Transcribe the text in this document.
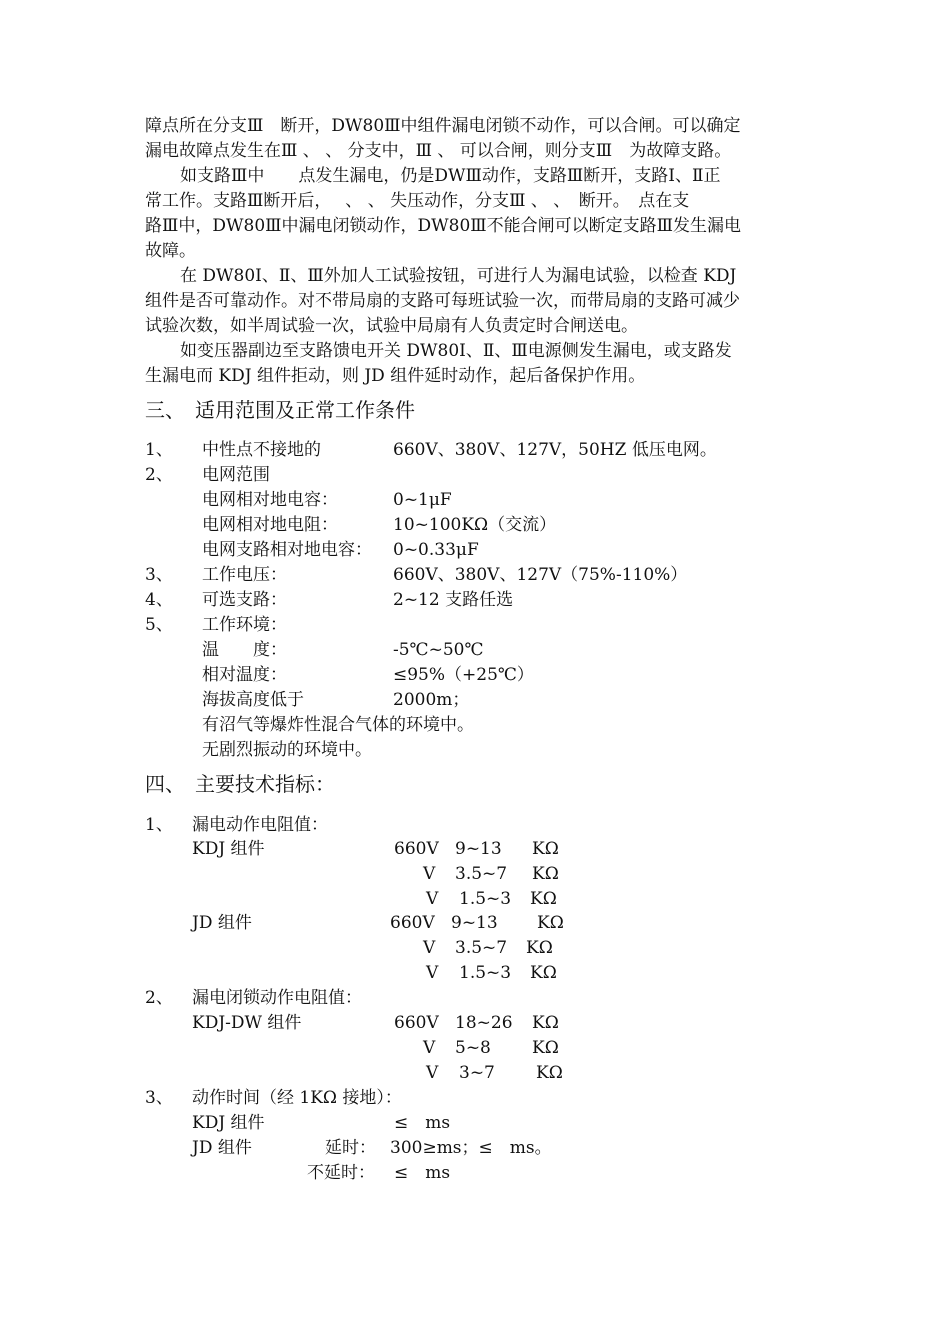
障点所在分支Ⅲ　断开，DW80Ⅲ中组件漏电闭锁不动作，可以合闸。可以确定
漏电故障点发生在Ⅲ 、 、 分支中，Ⅲ 、 可以合闸，则分支Ⅲ　为故障支路。
如支路Ⅲ中　　点发生漏电，仍是DWⅢ动作，支路Ⅲ断开，支路Ⅰ、Ⅱ正
常工作。支路Ⅲ断开后，　 、 、 失压动作，分支Ⅲ 、 、　断开。　点在支
路Ⅲ中，DW80Ⅲ中漏电闭锁动作，DW80Ⅲ不能合闸可以断定支路Ⅲ发生漏电
故障。
在 DW80Ⅰ、Ⅱ、Ⅲ外加人工试验按钮，可进行人为漏电试验，以检查 KDJ
组件是否可靠动作。对不带局扇的支路可每班试验一次，而带局扇的支路可减少
试验次数，如半周试验一次，试验中局扇有人负责定时合闸送电。
如变压器副边至支路馈电开关 DW80Ⅰ、Ⅱ、Ⅲ电源侧发生漏电，或支路发
生漏电而 KDJ 组件拒动，则 JD 组件延时动作，起后备保护作用。
三、　适用范围及正常工作条件
1、 中性点不接地的	660V、380V、127V，50HZ 低压电网。
2、 电网范围
电网相对地电容：	0~1μF
电网相对地电阻：	10~100KΩ（交流）
电网支路相对地电容： 0~0.33μF
3、 工作电压：	660V、380V、127V（75%-110%）
4、 可选支路：	2~12 支路任选
5、 工作环境：
温　　度：	-5℃~50℃
相对温度：	≤95%（+25℃）
海拔高度低于	2000m；
有沼气等爆炸性混合气体的环境中。
无剧烈振动的环境中。
四、　主要技术指标：
1、 漏电动作电阻值：
KDJ 组件	660V 9~13 KΩ
V 3.5~7 KΩ
V 1.5~3 KΩ
JD 组件	660V 9~13 KΩ
V 3.5~7 KΩ
V 1.5~3 KΩ
2、 漏电闭锁动作电阻值：
KDJ-DW 组件	660V 18~26 KΩ
V 5~8 KΩ
V 3~7 KΩ
3、 动作时间（经 1KΩ 接地）：
KDJ 组件	≤　ms
JD 组件	延时： 300≥ms；≤　ms。
不延时： ≤　ms
